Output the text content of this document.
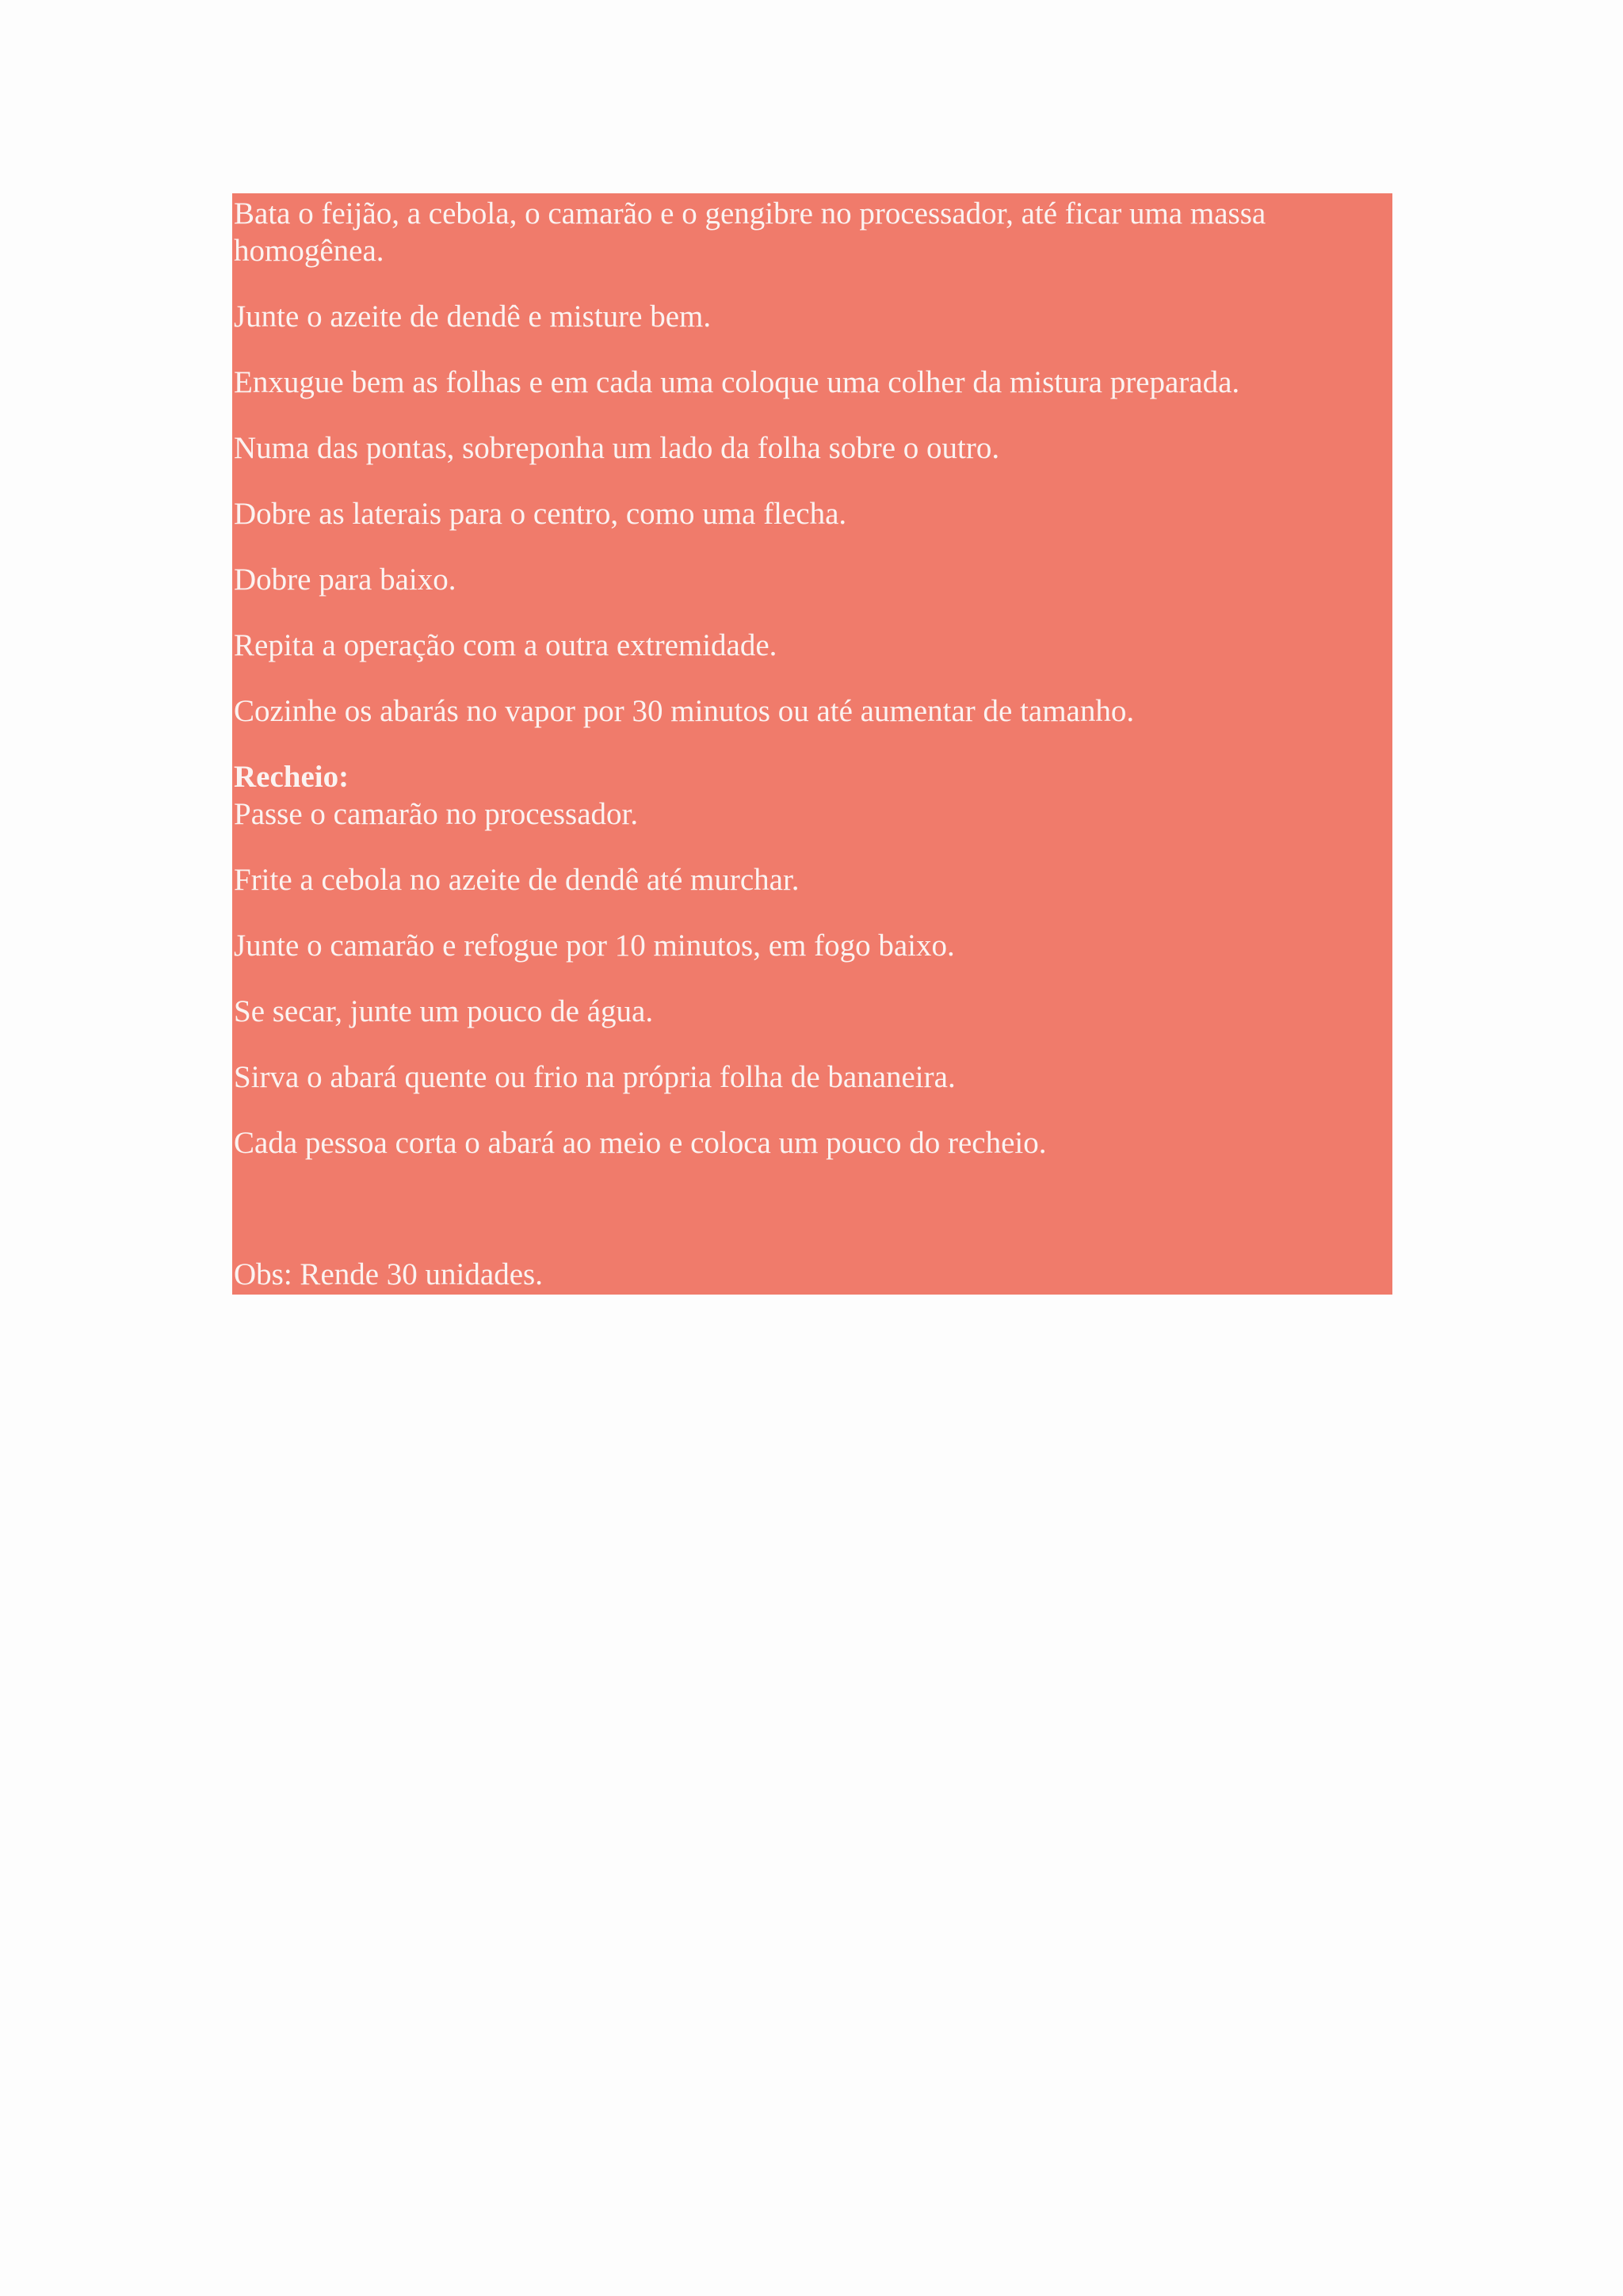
Bata o feijão, a cebola, o camarão e o gengibre no processador, até ficar uma massa homogênea.

Junte o azeite de dendê e misture bem.

Enxugue bem as folhas e em cada uma coloque uma colher da mistura preparada.

Numa das pontas, sobreponha um lado da folha sobre o outro.

Dobre as laterais para o centro, como uma flecha.

Dobre para baixo.

Repita a operação com a outra extremidade.

Cozinhe os abarás no vapor por 30 minutos ou até aumentar de tamanho.

Recheio:

Passe o camarão no processador.

Frite a cebola no azeite de dendê até murchar.

Junte o camarão e refogue por 10 minutos, em fogo baixo.

Se secar, junte um pouco de água.

Sirva o abará quente ou frio na própria folha de bananeira.

Cada pessoa corta o abará ao meio e coloca um pouco do recheio.

Obs: Rende 30 unidades.
